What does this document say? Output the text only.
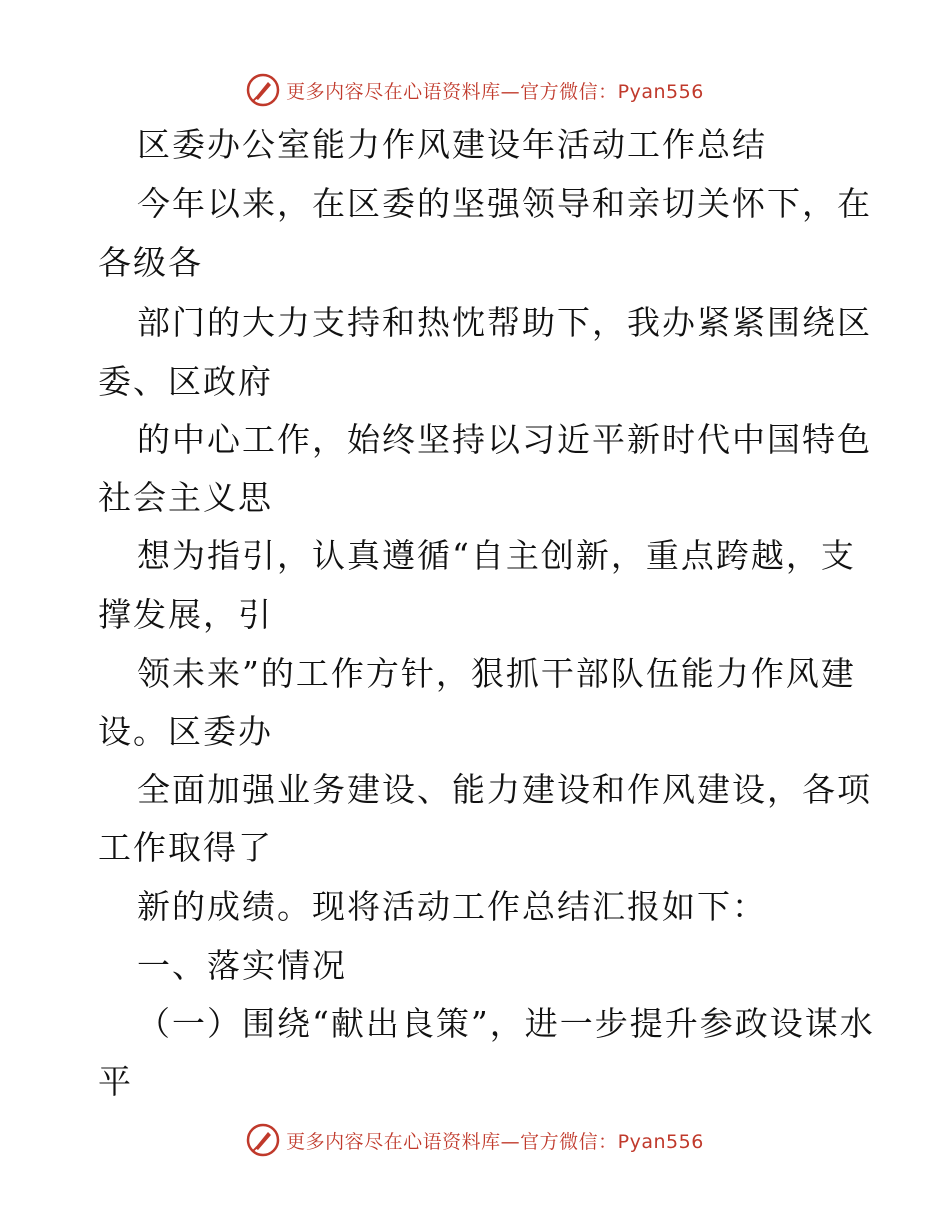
更多内容尽在心语资料库—官方微信：Pyan556
区委办公室能力作风建设年活动工作总结
今年以来，在区委的坚强领导和亲切关怀下，在
各级各
部门的大力支持和热忱帮助下，我办紧紧围绕区
委、区政府
的中心工作，始终坚持以习近平新时代中国特色
社会主义思
想为指引，认真遵循“自主创新，重点跨越，支
撑发展，引
领未来”的工作方针，狠抓干部队伍能力作风建
设。区委办
全面加强业务建设、能力建设和作风建设，各项
工作取得了
新的成绩。现将活动工作总结汇报如下：
一、落实情况
（一）围绕“献出良策”，进一步提升参政设谋水
平
更多内容尽在心语资料库—官方微信：Pyan556
